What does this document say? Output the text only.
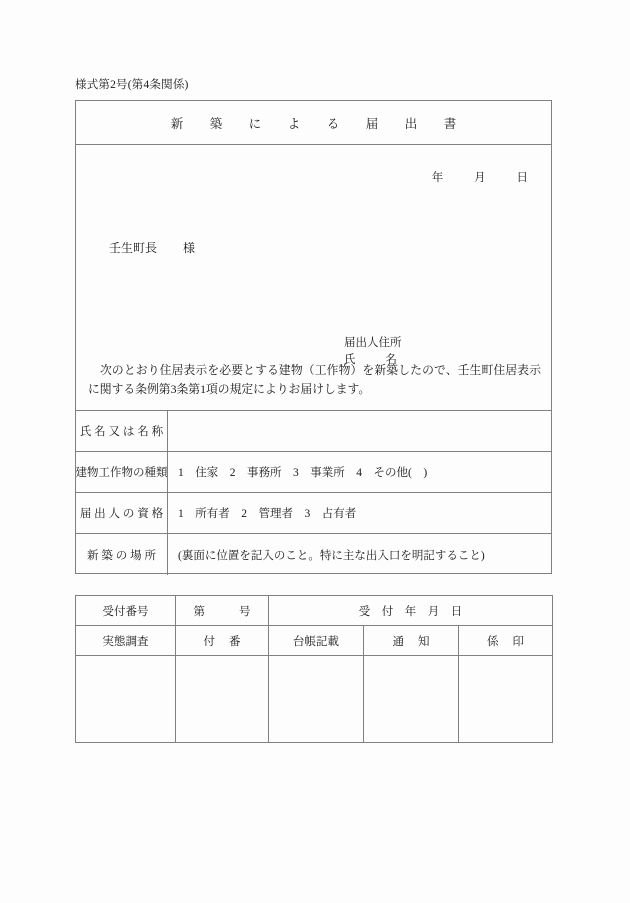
様式第2号(第4条関係)
新　築　に　よ　る　届　出　書
年	月	日
壬生町長 様
届出人住所
氏	名
次のとおり住居表示を必要とする建物（工作物）を新築したので、壬生町住居表示に関する条例第3条第1項の規定によりお届けします。
氏 名 又 は 名 称
建物工作物の種類 1　住家　2　事務所　3　事業所　4　その他(　)
届 出 人 の 資 格	1　所有者　2　管理者　3　占有者
新 築 の 場 所	(裏面に位置を記入のこと。特に主な出入口を明記すること)
受付番号	第 号	受　付　年　月　日		
実態調査	付 番	台帳記載	通 知	係 印
